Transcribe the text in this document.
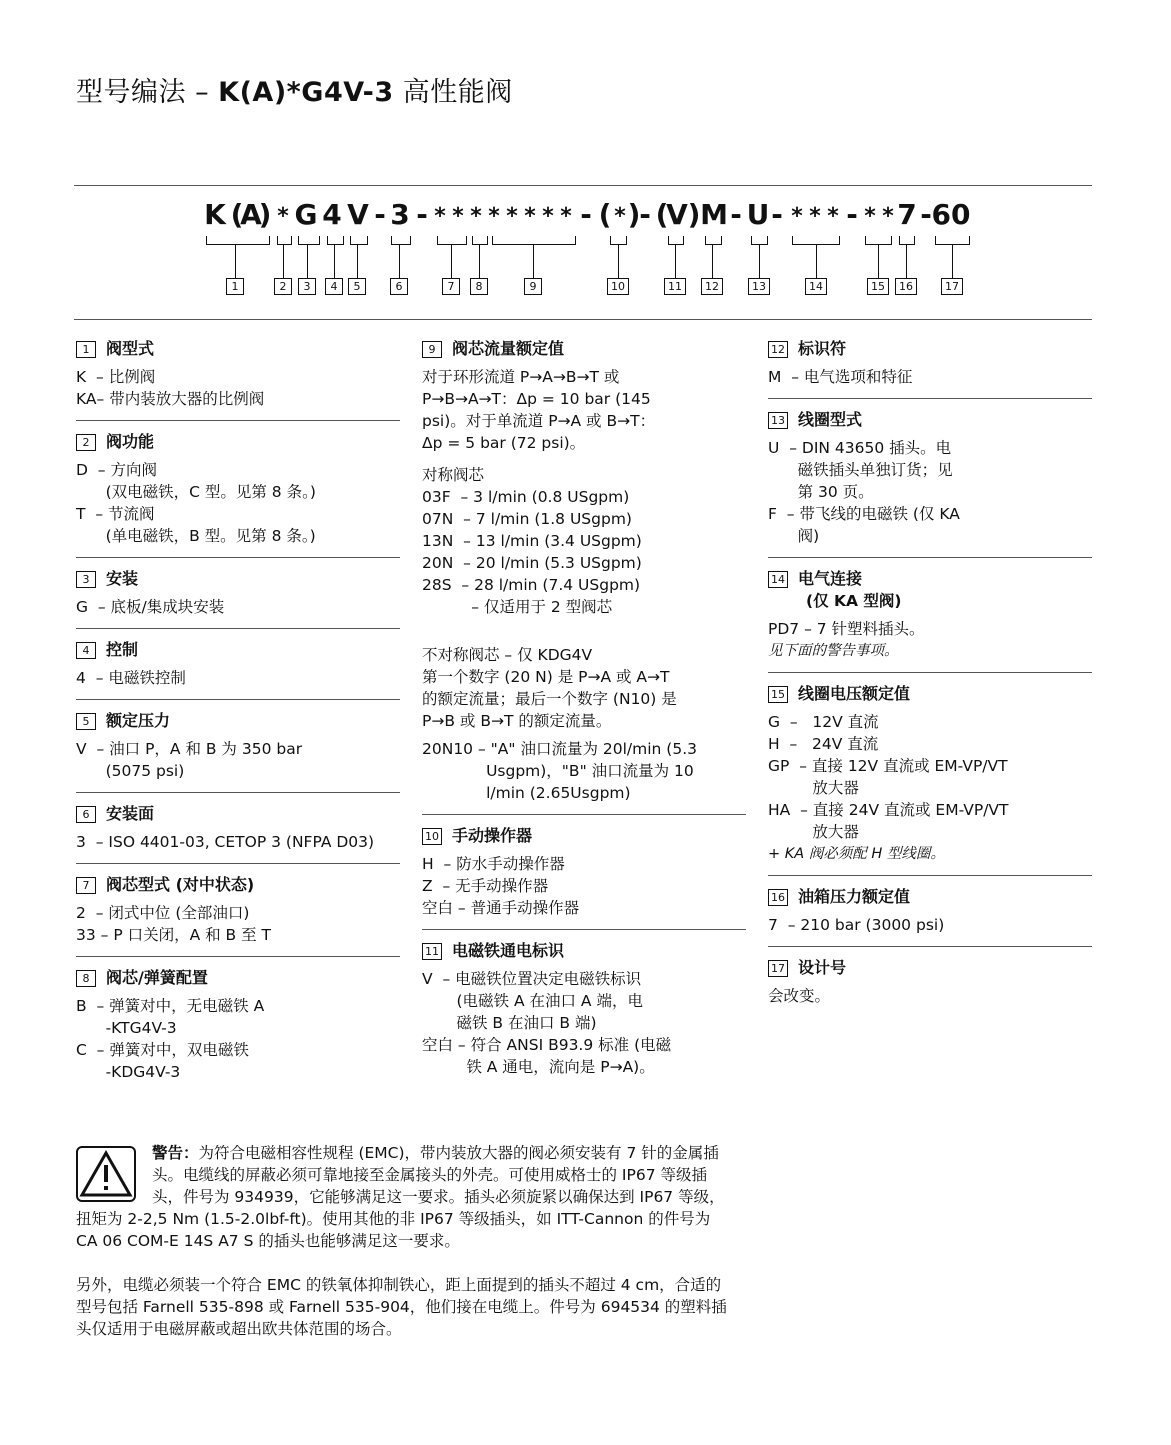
型号编法 – K(A)*G4V-3 高性能阀
K (
A
) * G 4 V - 3 - * * * * * * * * - ( * )
- (
V ) M - U - * * * - * * 7 - 60
1	2	3	4	5	6	7	8	9	10	11	12	13	14	15	16	17
1	阀型式
K  – 比例阀
KA– 带内装放大器的比例阀
2	阀功能
D  – 方向阀

(双电磁铁，C 型。见第 8 条。)
T  – 节流阀

(单电磁铁，B 型。见第 8 条。)
3	安装
G  – 底板/集成块安装
4	控制
4  – 电磁铁控制
5	额定压力
V  – 油口 P，A 和 B 为 350 bar

(5075 psi)
6	安装面
3  – ISO 4401-03, CETOP 3 (NFPA D03)
7	阀芯型式 (对中状态)
2  – 闭式中位 (全部油口)
33 – P 口关闭，A 和 B 至 T
8	阀芯/弹簧配置
B  – 弹簧对中，无电磁铁 A

-KTG4V-3
C  – 弹簧对中，双电磁铁

-KDG4V-3
9	阀芯流量额定值
对于环形流道 P→A→B→T 或
P→B→A→T：Δp = 10 bar (145
psi)。对于单流道 P→A 或 B→T：
Δp = 5 bar (72 psi)。
对称阀芯
03F  – 3 l/min (0.8 USgpm)
07N  – 7 l/min (1.8 USgpm)
13N  – 13 l/min (3.4 USgpm)
20N  – 20 l/min (5.3 USgpm)
28S  – 28 l/min (7.4 USgpm)

– 仅适用于 2 型阀芯
不对称阀芯 – 仅 KDG4V
第一个数字 (20 N) 是 P→A 或 A→T
的额定流量；最后一个数字 (N10) 是
P→B 或 B→T 的额定流量。
20N10 – "A" 油口流量为 20l/min (5.3

Usgpm)，"B" 油口流量为 10

l/min (2.65Usgpm)
10 手动操作器
H  – 防水手动操作器
Z  – 无手动操作器
空白 – 普通手动操作器
11 电磁铁通电标识
V  – 电磁铁位置决定电磁铁标识

(电磁铁 A 在油口 A 端，电

磁铁 B 在油口 B 端)
空白 – 符合 ANSI B93.9 标准 (电磁

铁 A 通电，流向是 P→A)。
12 标识符
M  – 电气选项和特征
13 线圈型式
U  – DIN 43650 插头。电

磁铁插头单独订货；见

第 30 页。
F  – 带飞线的电磁铁 (仅 KA

阀)
14 电气连接
(仅 KA 型阀)
PD7 – 7 针塑料插头。
见下面的警告事项。
15 线圈电压额定值
G  – 12V 直流
H  – 24V 直流
GP  – 直接 12V 直流或 EM-VP/VT

放大器
HA  – 直接 24V 直流或 EM-VP/VT

放大器
+ KA 阀必须配 H 型线圈。
16 油箱压力额定值
7  – 210 bar (3000 psi)
17 设计号
会改变。
警告：为符合电磁相容性规程 (EMC)，带内装放大器的阀必须安装有 7 针的金属插头。电缆线的屏蔽必须可靠地接至金属接头的外壳。可使用威格士的 IP67 等级插头，件号为 934939，它能够满足这一要求。插头必须旋紧以确保达到 IP67 等级，扭矩为 2-2,5 Nm (1.5-2.0lbf-ft)。使用其他的非 IP67 等级插头，如 ITT-Cannon 的件号为 CA 06 COM-E 14S A7 S 的插头也能够满足这一要求。
另外，电缆必须装一个符合 EMC 的铁氧体抑制铁心，距上面提到的插头不超过 4 cm，合适的型号包括 Farnell 535-898 或 Farnell 535-904，他们接在电缆上。件号为 694534 的塑料插头仅适用于电磁屏蔽或超出欧共体范围的场合。
